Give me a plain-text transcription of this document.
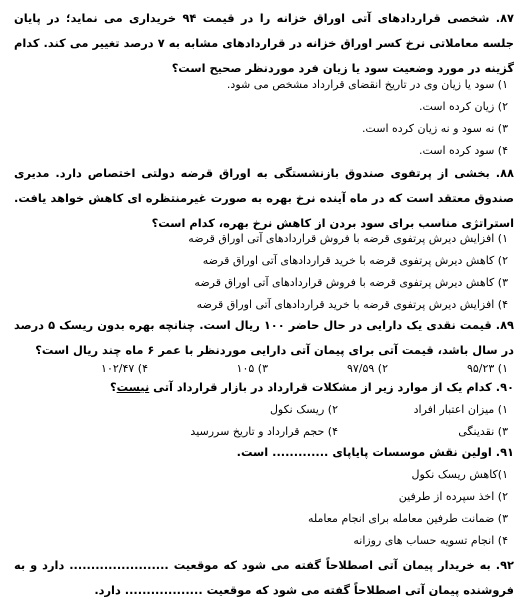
۸۷. شخصی قراردادهای آتی اوراق خزانه را در قیمت ۹۴ خریداری می نماید؛ در پایان جلسه معاملاتی نرخ کسر اوراق خزانه در قراردادهای مشابه به ۷ درصد تغییر می کند. کدام گزینه در مورد وضعیت سود یا زیان فرد موردنظر صحیح است؟
۱) سود یا زیان وی در تاریخ انقضای قرارداد مشخص می شود.
۲) زیان کرده است.
۳) نه سود و نه زیان کرده است.
۴) سود کرده است.
۸۸. بخشی از پرتفوی صندوق بازنشستگی به اوراق قرضه دولتی اختصاص دارد. مدیری صندوق معتقد است که در ماه آینده نرخ بهره به صورت غیرمنتظره ای کاهش خواهد یافت. استراتژی مناسب برای سود بردن از کاهش نرخ بهره، کدام است؟
۱) افزایش دیرش پرتفوی قرضه با فروش قراردادهای آتی اوراق قرضه
۲) کاهش دیرش پرتفوی قرضه با خرید قراردادهای آتی اوراق قرضه
۳) کاهش دیرش پرتفوی قرضه با فروش قراردادهای آتی اوراق قرضه
۴) افزایش دیرش پرتفوی قرضه با خرید قراردادهای آتی اوراق قرضه
۸۹. قیمت نقدی یک دارایی در حال حاضر ۱۰۰ ریال است. چنانچه بهره بدون ریسک ۵ درصد در سال باشد، قیمت آتی برای پیمان آتی دارایی موردنظر با عمر ۶ ماه چند ریال است؟
۱) ۹۵/۲۳
۲) ۹۷/۵۹
۳) ۱۰۵
۴) ۱۰۲/۴۷
۹۰. کدام یک از موارد زیر از مشکلات قرارداد در بازار قرارداد آتی نیست؟
۱) میزان اعتبار افراد
۲) ریسک نکول
۳) نقدینگی
۴) حجم قرارداد و تاریخ سررسید
۹۱. اولین نقش موسسات پایاپای ............. است.
۱)کاهش ریسک نکول
۲) اخذ سپرده از طرفین
۳) ضمانت طرفین معامله برای انجام معامله
۴) انجام تسویه حساب های روزانه
۹۲. به خریدار پیمان آتی اصطلاحاً گفته می شود که موقعیت ....................... دارد و به فروشنده پیمان آتی اصطلاحاً گفته می شود که موقعیت .................. دارد.
